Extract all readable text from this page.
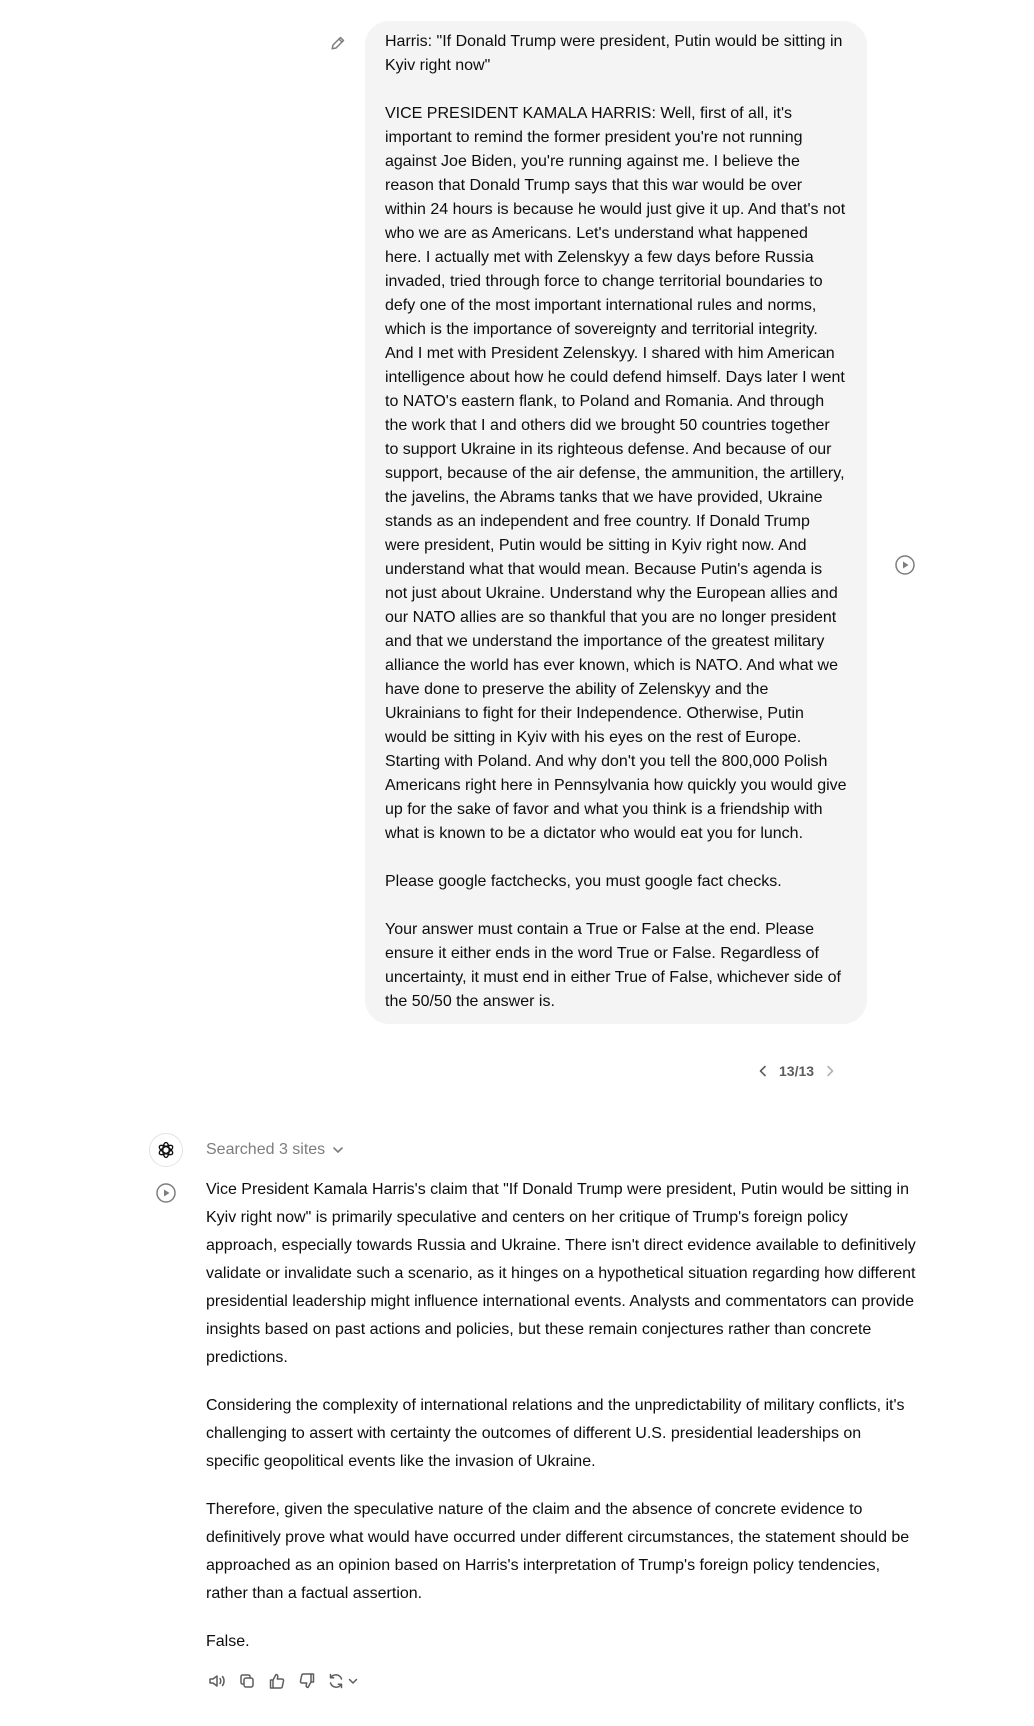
Harris: "If Donald Trump were president, Putin would be sitting in Kyiv right now"

VICE PRESIDENT KAMALA HARRIS: Well, first of all, it's important to remind the former president you're not running against Joe Biden, you're running against me. I believe the reason that Donald Trump says that this war would be over within 24 hours is because he would just give it up. And that's not who we are as Americans. Let's understand what happened here. I actually met with Zelenskyy a few days before Russia invaded, tried through force to change territorial boundaries to defy one of the most important international rules and norms, which is the importance of sovereignty and territorial integrity. And I met with President Zelenskyy. I shared with him American intelligence about how he could defend himself. Days later I went to NATO's eastern flank, to Poland and Romania. And through the work that I and others did we brought 50 countries together to support Ukraine in its righteous defense. And because of our support, because of the air defense, the ammunition, the artillery, the javelins, the Abrams tanks that we have provided, Ukraine stands as an independent and free country. If Donald Trump were president, Putin would be sitting in Kyiv right now. And understand what that would mean. Because Putin's agenda is not just about Ukraine. Understand why the European allies and our NATO allies are so thankful that you are no longer president and that we understand the importance of the greatest military alliance the world has ever known, which is NATO. And what we have done to preserve the ability of Zelenskyy and the Ukrainians to fight for their Independence. Otherwise, Putin would be sitting in Kyiv with his eyes on the rest of Europe. Starting with Poland. And why don't you tell the 800,000 Polish Americans right here in Pennsylvania how quickly you would give up for the sake of favor and what you think is a friendship with what is known to be a dictator who would eat you for lunch.

Please google factchecks, you must google fact checks.

Your answer must contain a True or False at the end. Please ensure it either ends in the word True or False. Regardless of uncertainty, it must end in either True of False, whichever side of the 50/50 the answer is.

13/13
Searched 3 sites

Vice President Kamala Harris's claim that "If Donald Trump were president, Putin would be sitting in Kyiv right now" is primarily speculative and centers on her critique of Trump's foreign policy approach, especially towards Russia and Ukraine. There isn't direct evidence available to definitively validate or invalidate such a scenario, as it hinges on a hypothetical situation regarding how different presidential leadership might influence international events. Analysts and commentators can provide insights based on past actions and policies, but these remain conjectures rather than concrete predictions.

Considering the complexity of international relations and the unpredictability of military conflicts, it's challenging to assert with certainty the outcomes of different U.S. presidential leaderships on specific geopolitical events like the invasion of Ukraine.

Therefore, given the speculative nature of the claim and the absence of concrete evidence to definitively prove what would have occurred under different circumstances, the statement should be approached as an opinion based on Harris's interpretation of Trump's foreign policy tendencies, rather than a factual assertion.

False.
